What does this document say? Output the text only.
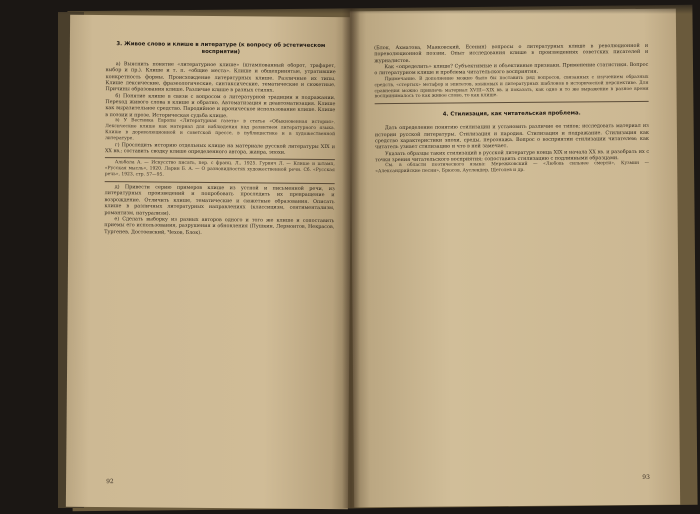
3. Живое слово и клише в литературе (к вопросу об эстетическом восприятии)

а) Выяснить понятие «литературное клише» (штампованный оборот, трафарет, выбор и пр.). Клише и т. п. «общие места». Клише и общепринятые, утратившие конкретность формы. Происхождение литературных клише. Различные их типы. Клише лексические, фразеологические, синтаксические, тематические и сюжетные. Причины образования клише. Различие клише в разных стилях.

б) Понятие клише в связи с вопросом о литературной традиции и подражании. Переход живого слова в клише и обратно. Автоматизация и деавтоматизация. Клише как выразительное средство. Пародийное и ироническое использование клише. Клише в поэзии и прозе. Историческая судьба клише.

в) У Вестника Европы «Литературная газета» в статье «Обыкновенная история». Лексические клише как материал для наблюдения над развитием литературного языка. Клише в дореволюционной и советской прессе, в публицистике и в художественной литературе.

г) Проследить историю отдельных клише на материале русской литературы XIX и XX вв.; составить сводку клише определенного автора, жанра, эпохи.

Альбала А. — Искусство писать, пер. с франц. Л., 1925. Гурвич Л. — Клише и штамп, «Русская мысль», 1920. Ларин Б. А. — О разновидностях художественной речи. Сб. «Русская речь», 1923, стр. 57—95.

д) Привести серию примеров клише из устной и письменной речи, из литературных произведений и попробовать проследить их превращение и возрождение. Отличить клише, тематические и сюжетные образования. Описать клише в различных литературных направлениях (классицизм, сентиментализм, романтизм, натурализм).

е) Сделать выборку из разных авторов одного и того же клише и сопоставить приемы его использования, разрушения и обновления (Пушкин, Лермонтов, Некрасов, Тургенев, Достоевский, Чехов, Блок).

92

(Блок, Ахматова, Маяковский, Есенин) вопросы о литературных клише в революционной и пореволюционной поэзии. Опыт исследования клише в произведениях советских писателей и журналистов.

Как «определить» клише? Субъективные и объективные признаки. Применение статистики. Вопрос о литературном клише и проблема читательского восприятия.

Примечание. В дополнение можно было бы поставить ряд вопросов, связанных с изучением образных средств, «стертых» метафор и эпитетов, языковых и литературных шаблонов в исторической перспективе. Для сравнения можно привлечь материал XVIII—XIX вв. и показать, как одно и то же выражение в разное время воспринималось то как живое слово, то как клише.

4. Стилизация, как читательская проблема.

Дать определение понятию стилизации и установить различие ее типов; исследовать материал из истории русской литературы. Стилизация и пародия. Стилизация и подражание. Стилизация как средство характеристики эпохи, среды, персонажа. Вопрос о восприятии стилизации читателем: как читатель узнает стилизацию и что в ней замечает.

Указать образцы таких стилизаций в русской литературе конца XIX и начала XX вв. и разобрать их с точки зрения читательского восприятия; сопоставить стилизацию с подлинными образцами.

См. в области поэтического языка: Мережковский — «Любовь сильнее смерти», Кузмин — «Александрийские песни», Брюсов, Ауслендер, Щеголев и др.

93
